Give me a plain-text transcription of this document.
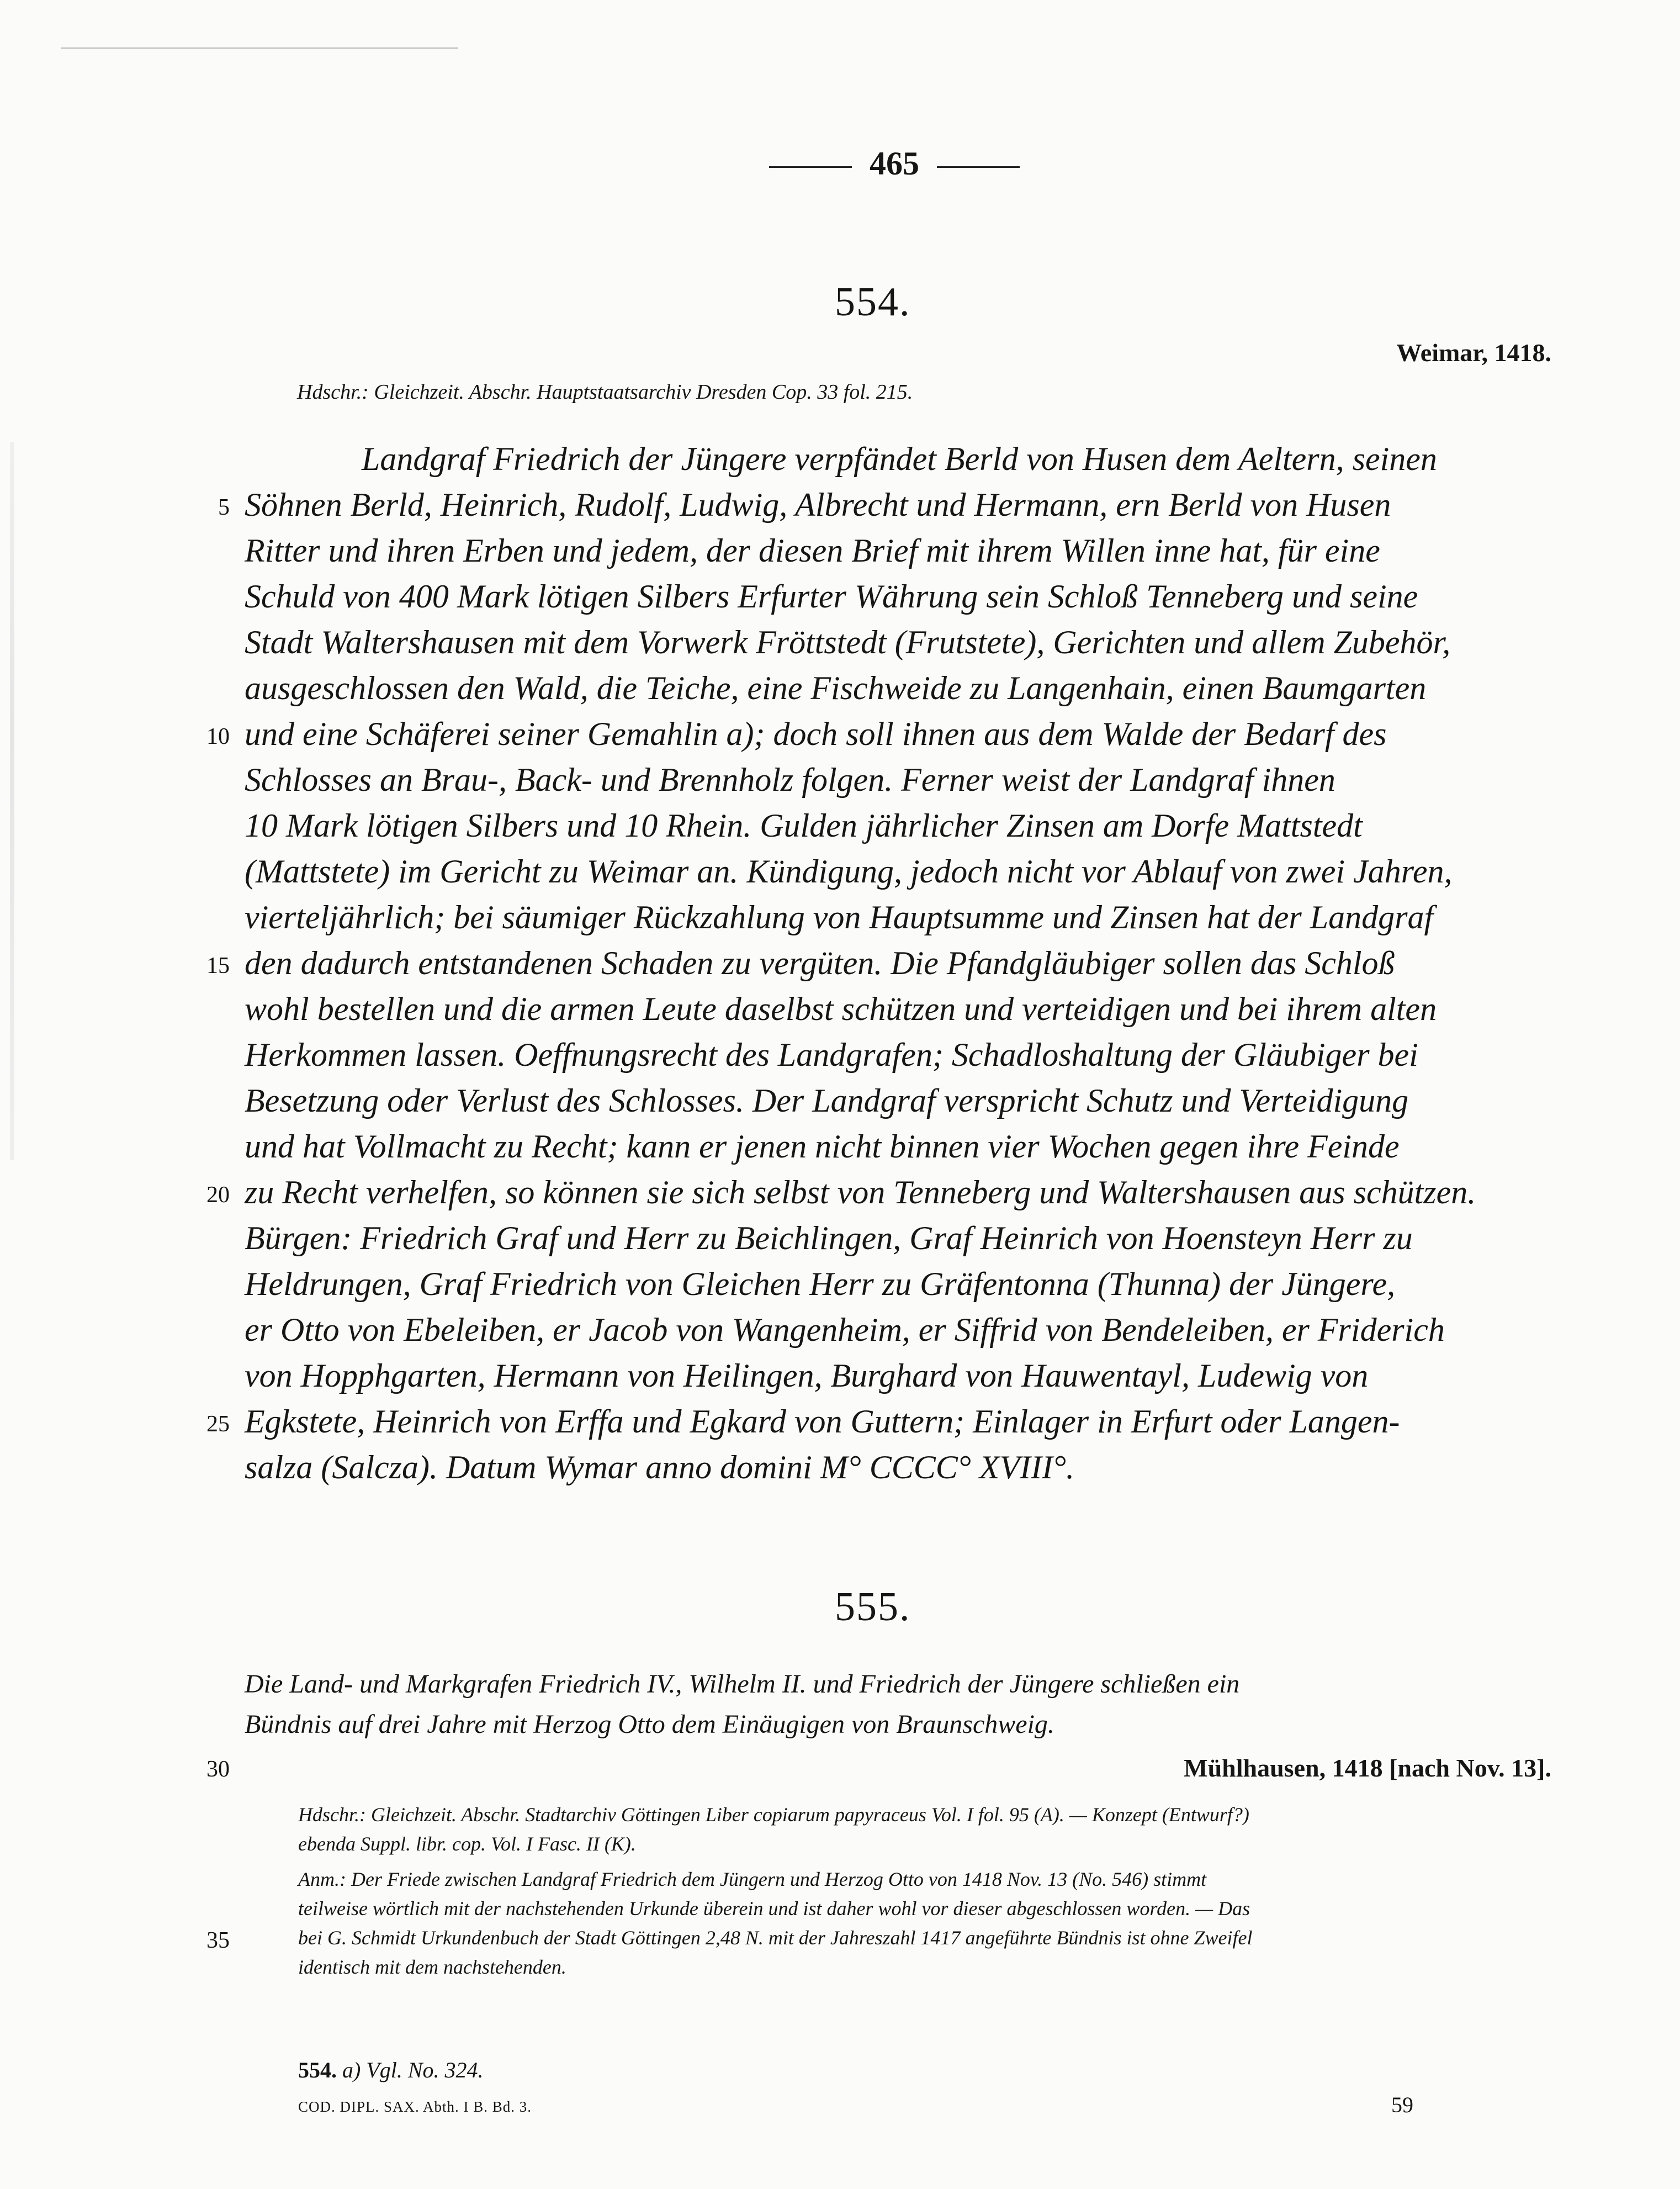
465
554.
Weimar, 1418.
Hdschr.: Gleichzeit. Abschr. Hauptstaatsarchiv Dresden Cop. 33 fol. 215.
Landgraf Friedrich der Jüngere verpfändet Berld von Husen dem Aeltern, seinen
Söhnen Berld, Heinrich, Rudolf, Ludwig, Albrecht und Hermann, ern Berld von Husen
Ritter und ihren Erben und jedem, der diesen Brief mit ihrem Willen inne hat, für eine
Schuld von 400 Mark lötigen Silbers Erfurter Währung sein Schloß Tenneberg und seine
Stadt Waltershausen mit dem Vorwerk Fröttstedt (Frutstete), Gerichten und allem Zubehör,
ausgeschlossen den Wald, die Teiche, eine Fischweide zu Langenhain, einen Baumgarten
und eine Schäferei seiner Gemahlin a); doch soll ihnen aus dem Walde der Bedarf des
Schlosses an Brau-, Back- und Brennholz folgen. Ferner weist der Landgraf ihnen
10 Mark lötigen Silbers und 10 Rhein. Gulden jährlicher Zinsen am Dorfe Mattstedt
(Mattstete) im Gericht zu Weimar an. Kündigung, jedoch nicht vor Ablauf von zwei Jahren,
vierteljährlich; bei säumiger Rückzahlung von Hauptsumme und Zinsen hat der Landgraf
den dadurch entstandenen Schaden zu vergüten. Die Pfandgläubiger sollen das Schloß
wohl bestellen und die armen Leute daselbst schützen und verteidigen und bei ihrem alten
Herkommen lassen. Oeffnungsrecht des Landgrafen; Schadloshaltung der Gläubiger bei
Besetzung oder Verlust des Schlosses. Der Landgraf verspricht Schutz und Verteidigung
und hat Vollmacht zu Recht; kann er jenen nicht binnen vier Wochen gegen ihre Feinde
zu Recht verhelfen, so können sie sich selbst von Tenneberg und Waltershausen aus schützen.
Bürgen: Friedrich Graf und Herr zu Beichlingen, Graf Heinrich von Hoensteyn Herr zu
Heldrungen, Graf Friedrich von Gleichen Herr zu Gräfentonna (Thunna) der Jüngere,
er Otto von Ebeleiben, er Jacob von Wangenheim, er Siffrid von Bendeleiben, er Friderich
von Hopphgarten, Hermann von Heilingen, Burghard von Hauwentayl, Ludewig von
Egkstete, Heinrich von Erffa und Egkard von Guttern; Einlager in Erfurt oder Langen-
salza (Salcza). Datum Wymar anno domini M° CCCC° XVIII°.
5
10
15
20
25
555.
Die Land- und Markgrafen Friedrich IV., Wilhelm II. und Friedrich der Jüngere schließen ein
Bündnis auf drei Jahre mit Herzog Otto dem Einäugigen von Braunschweig.
Mühlhausen, 1418 [nach Nov. 13].
Hdschr.: Gleichzeit. Abschr. Stadtarchiv Göttingen Liber copiarum papyraceus Vol. I fol. 95 (A). — Konzept (Entwurf?)
ebenda Suppl. libr. cop. Vol. I Fasc. II (K).
Anm.: Der Friede zwischen Landgraf Friedrich dem Jüngern und Herzog Otto von 1418 Nov. 13 (No. 546) stimmt
teilweise wörtlich mit der nachstehenden Urkunde überein und ist daher wohl vor dieser abgeschlossen worden. — Das
bei G. Schmidt Urkundenbuch der Stadt Göttingen 2,48 N. mit der Jahreszahl 1417 angeführte Bündnis ist ohne Zweifel
identisch mit dem nachstehenden.
30
35
554. a) Vgl. No. 324.
COD. DIPL. SAX. Abth. I B. Bd. 3.	59
